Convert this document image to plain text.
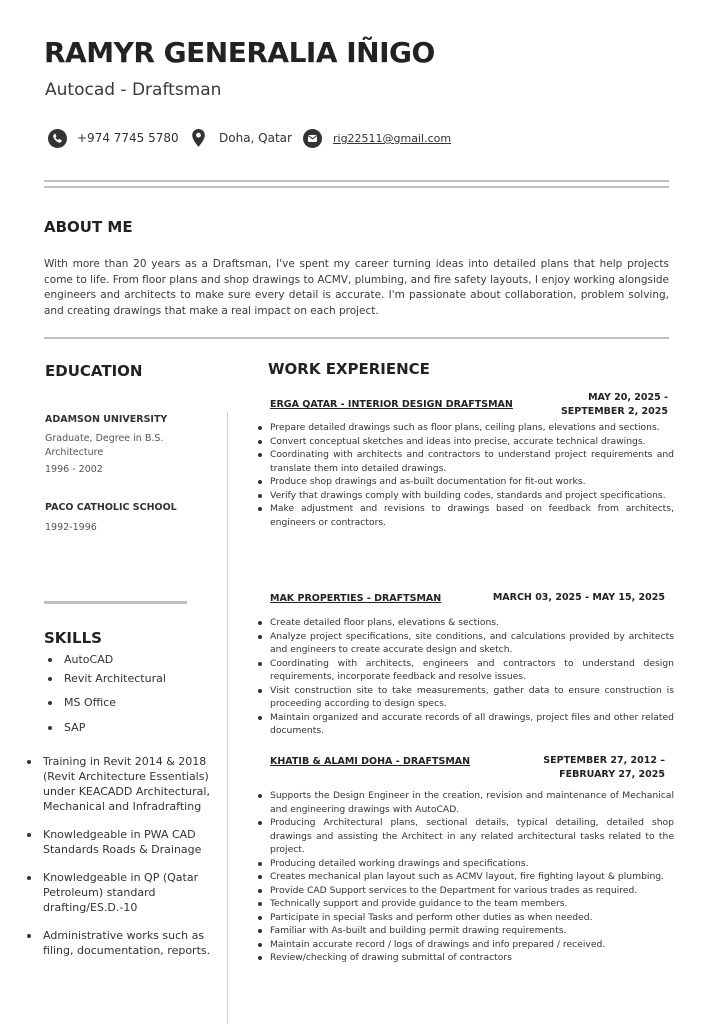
RAMYR GENERALIA IÑIGO
Autocad - Draftsman
+974 7745 5780	Doha, Qatar	rig22511@gmail.com
ABOUT ME
With more than 20 years as a Draftsman, I've spent my career turning ideas into detailed plans that help projects come to life. From floor plans and shop drawings to ACMV, plumbing, and fire safety layouts, I enjoy working alongside engineers and architects to make sure every detail is accurate. I'm passionate about collaboration, problem solving, and creating drawings that make a real impact on each project.
EDUCATION
ADAMSON UNIVERSITY
Graduate, Degree in B.S. Architecture
1996 - 2002
PACO CATHOLIC SCHOOL
1992-1996
SKILLS
AutoCAD
Revit Architectural
MS Office
SAP
Training in Revit 2014 & 2018 (Revit Architecture Essentials) under KEACADD Architectural, Mechanical and Infradrafting
Knowledgeable in PWA CAD Standards Roads & Drainage
Knowledgeable in QP (Qatar Petroleum) standard drafting/ES.D.-10
Administrative works such as filing, documentation, reports.
WORK EXPERIENCE
ERGA QATAR - INTERIOR DESIGN DRAFTSMAN
MAY 20, 2025 -
SEPTEMBER 2, 2025
Prepare detailed drawings such as floor plans, ceiling plans, elevations and sections.
Convert conceptual sketches and ideas into precise, accurate technical drawings.
Coordinating with architects and contractors to understand project requirements and translate them into detailed drawings.
Produce shop drawings and as-built documentation for fit-out works.
Verify that drawings comply with building codes, standards and project specifications.
Make adjustment and revisions to drawings based on feedback from architects, engineers or contractors.
MAK PROPERTIES - DRAFTSMAN	MARCH 03, 2025 - MAY 15, 2025
Create detailed floor plans, elevations & sections.
Analyze project specifications, site conditions, and calculations provided by architects and engineers to create accurate design and sketch.
Coordinating with architects, engineers and contractors to understand design requirements, incorporate feedback and resolve issues.
Visit construction site to take measurements, gather data to ensure construction is proceeding according to design specs.
Maintain organized and accurate records of all drawings, project files and other related documents.
KHATIB & ALAMI DOHA - DRAFTSMAN	SEPTEMBER 27, 2012 –
FEBRUARY 27, 2025
Supports the Design Engineer in the creation, revision and maintenance of Mechanical and engineering drawings with AutoCAD.
Producing Architectural plans, sectional details, typical detailing, detailed shop drawings and assisting the Architect in any related architectural tasks related to the project.
Producing detailed working drawings and specifications.
Creates mechanical plan layout such as ACMV layout, fire fighting layout & plumbing.
Provide CAD Support services to the Department for various trades as required.
Technically support and provide guidance to the team members.
Participate in special Tasks and perform other duties as when needed.
Familiar with As-built and building permit drawing requirements.
Maintain accurate record / logs of drawings and info prepared / received.
Review/checking of drawing submittal of contractors
